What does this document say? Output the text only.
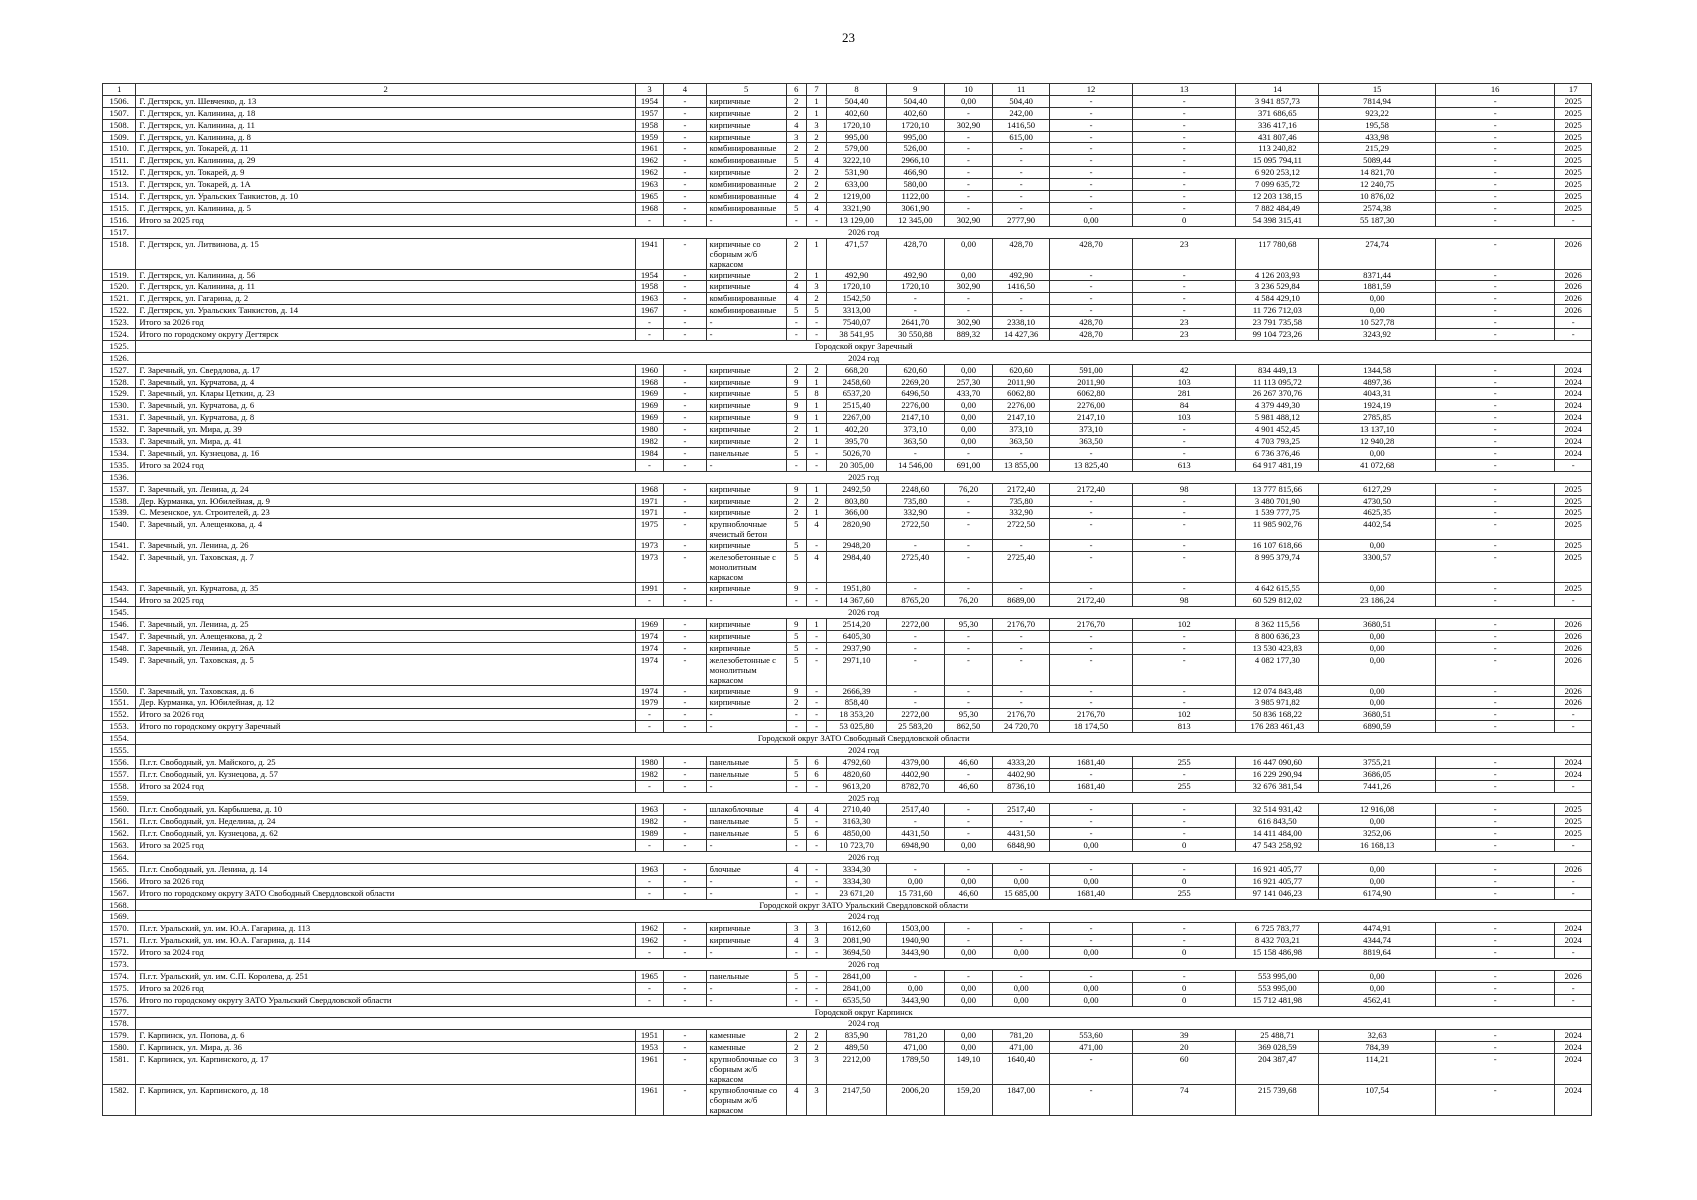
23
1	2	3	4	5	6	7	8	9	10	11	12	13	14	15	16	17
1506.	Г. Дегтярск, ул. Шевченко, д. 13	1954	-	кирпичные	2	1	504,40	504,40	0,00	504,40	-	-	3 941 857,73	7814,94	-	2025
1507.	Г. Дегтярск, ул. Калинина, д. 18	1957	-	кирпичные	2	1	402,60	402,60	-	242,00	-	-	371 686,65	923,22	-	2025
1508.	Г. Дегтярск, ул. Калинина, д. 11	1958	-	кирпичные	4	3	1720,10	1720,10	302,90	1416,50	-	-	336 417,16	195,58	-	2025
1509.	Г. Дегтярск, ул. Калинина, д. 8	1959	-	кирпичные	3	2	995,00	995,00	-	615,00	-	-	431 807,46	433,98	-	2025
1510.	Г. Дегтярск, ул. Токарей, д. 11	1961	-	комбинированные	2	2	579,00	526,00	-	-	-	-	113 240,82	215,29	-	2025
1511.	Г. Дегтярск, ул. Калинина, д. 29	1962	-	комбинированные	5	4	3222,10	2966,10	-	-	-	-	15 095 794,11	5089,44	-	2025
1512.	Г. Дегтярск, ул. Токарей, д. 9	1962	-	кирпичные	2	2	531,90	466,90	-	-	-	-	6 920 253,12	14 821,70	-	2025
1513.	Г. Дегтярск, ул. Токарей, д. 1А	1963	-	комбинированные	2	2	633,00	580,00	-	-	-	-	7 099 635,72	12 240,75	-	2025
1514.	Г. Дегтярск, ул. Уральских Танкистов, д. 10	1965	-	комбинированные	4	2	1219,00	1122,00	-	-	-	-	12 203 138,15	10 876,02	-	2025
1515.	Г. Дегтярск, ул. Калинина, д. 5	1968	-	комбинированные	5	4	3321,90	3061,90	-	-	-	-	7 882 484,49	2574,38	-	2025
1516.	Итого за 2025 год	-	-	-	-	-	13 129,00	12 345,00	302,90	2777,90	0,00	0	54 398 315,41	55 187,30	-	-
1517.	2026 год															
1518.	Г. Дегтярск, ул. Литвинова, д. 15	1941	-	кирпичные со сборным ж/б каркасом	2	1	471,57	428,70	0,00	428,70	428,70	23	117 780,68	274,74	-	2026
1519.	Г. Дегтярск, ул. Калинина, д. 56	1954	-	кирпичные	2	1	492,90	492,90	0,00	492,90	-	-	4 126 203,93	8371,44	-	2026
1520.	Г. Дегтярск, ул. Калинина, д. 11	1958	-	кирпичные	4	3	1720,10	1720,10	302,90	1416,50	-	-	3 236 529,84	1881,59	-	2026
1521.	Г. Дегтярск, ул. Гагарина, д. 2	1963	-	комбинированные	4	2	1542,50	-	-	-	-	-	4 584 429,10	0,00	-	2026
1522.	Г. Дегтярск, ул. Уральских Танкистов, д. 14	1967	-	комбинированные	5	5	3313,00	-	-	-	-	-	11 726 712,03	0,00	-	2026
1523.	Итого за 2026 год	-	-	-	-	-	7540,07	2641,70	302,90	2338,10	428,70	23	23 791 735,58	10 527,78	-	-
1524.	Итого по городскому округу Дегтярск	-	-	-	-	-	38 541,95	30 550,88	889,32	14 427,36	428,70	23	99 104 723,26	3243,92	-	-
1525.	Городской округ Заречный															
1526.	2024 год															
1527.	Г. Заречный, ул. Свердлова, д. 17	1960	-	кирпичные	2	2	668,20	620,60	0,00	620,60	591,00	42	834 449,13	1344,58	-	2024
1528.	Г. Заречный, ул. Курчатова, д. 4	1968	-	кирпичные	9	1	2458,60	2269,20	257,30	2011,90	2011,90	103	11 113 095,72	4897,36	-	2024
1529.	Г. Заречный, ул. Клары Цеткин, д. 23	1969	-	кирпичные	5	8	6537,20	6496,50	433,70	6062,80	6062,80	281	26 267 370,76	4043,31	-	2024
1530.	Г. Заречный, ул. Курчатова, д. 6	1969	-	кирпичные	9	1	2515,40	2276,00	0,00	2276,00	2276,00	84	4 379 449,30	1924,19	-	2024
1531.	Г. Заречный, ул. Курчатова, д. 8	1969	-	кирпичные	9	1	2267,00	2147,10	0,00	2147,10	2147,10	103	5 981 488,12	2785,85	-	2024
1532.	Г. Заречный, ул. Мира, д. 39	1980	-	кирпичные	2	1	402,20	373,10	0,00	373,10	373,10	-	4 901 452,45	13 137,10	-	2024
1533.	Г. Заречный, ул. Мира, д. 41	1982	-	кирпичные	2	1	395,70	363,50	0,00	363,50	363,50	-	4 703 793,25	12 940,28	-	2024
1534.	Г. Заречный, ул. Кузнецова, д. 16	1984	-	панельные	5	-	5026,70	-	-	-	-	-	6 736 376,46	0,00	-	2024
1535.	Итого за 2024 год	-	-	-	-	-	20 305,00	14 546,00	691,00	13 855,00	13 825,40	613	64 917 481,19	41 072,68	-	-
1536.	2025 год															
1537.	Г. Заречный, ул. Ленина, д. 24	1968	-	кирпичные	9	1	2492,50	2248,60	76,20	2172,40	2172,40	98	13 777 815,66	6127,29	-	2025
1538.	Дер. Курманка, ул. Юбилейная, д. 9	1971	-	кирпичные	2	2	803,80	735,80	-	735,80	-	-	3 480 701,90	4730,50	-	2025
1539.	С. Мезенское, ул. Строителей, д. 23	1971	-	кирпичные	2	1	366,00	332,90	-	332,90	-	-	1 539 777,75	4625,35	-	2025
1540.	Г. Заречный, ул. Алещенкова, д. 4	1975	-	крупноблочные ячеистый бетон	5	4	2820,90	2722,50	-	2722,50	-	-	11 985 902,76	4402,54	-	2025
1541.	Г. Заречный, ул. Ленина, д. 26	1973	-	кирпичные	5	-	2948,20	-	-	-	-	-	16 107 618,66	0,00	-	2025
1542.	Г. Заречный, ул. Таховская, д. 7	1973	-	железобетонные с монолитным каркасом	5	4	2984,40	2725,40	-	2725,40	-	-	8 995 379,74	3300,57	-	2025
1543.	Г. Заречный, ул. Курчатова, д. 35	1991	-	кирпичные	9	-	1951,80	-	-	-	-	-	4 642 615,55	0,00	-	2025
1544.	Итого за 2025 год	-	-	-	-	-	14 367,60	8765,20	76,20	8689,00	2172,40	98	60 529 812,02	23 186,24	-	-
1545.	2026 год															
1546.	Г. Заречный, ул. Ленина, д. 25	1969	-	кирпичные	9	1	2514,20	2272,00	95,30	2176,70	2176,70	102	8 362 115,56	3680,51	-	2026
1547.	Г. Заречный, ул. Алещенкова, д. 2	1974	-	кирпичные	5	-	6405,30	-	-	-	-	-	8 800 636,23	0,00	-	2026
1548.	Г. Заречный, ул. Ленина, д. 26А	1974	-	кирпичные	5	-	2937,90	-	-	-	-	-	13 530 423,83	0,00	-	2026
1549.	Г. Заречный, ул. Таховская, д. 5	1974	-	железобетонные с монолитным каркасом	5	-	2971,10	-	-	-	-	-	4 082 177,30	0,00	-	2026
1550.	Г. Заречный, ул. Таховская, д. 6	1974	-	кирпичные	9	-	2666,39	-	-	-	-	-	12 074 843,48	0,00	-	2026
1551.	Дер. Курманка, ул. Юбилейная, д. 12	1979	-	кирпичные	2	-	858,40	-	-	-	-	-	3 985 971,82	0,00	-	2026
1552.	Итого за 2026 год	-	-	-	-	-	18 353,20	2272,00	95,30	2176,70	2176,70	102	50 836 168,22	3680,51	-	-
1553.	Итого по городскому округу Заречный	-	-	-	-	-	53 025,80	25 583,20	862,50	24 720,70	18 174,50	813	176 283 461,43	6890,59	-	-
1554.	Городской округ ЗАТО Свободный Свердловской области															
1555.	2024 год															
1556.	П.г.т. Свободный, ул. Майского, д. 25	1980	-	панельные	5	6	4792,60	4379,00	46,60	4333,20	1681,40	255	16 447 090,60	3755,21	-	2024
1557.	П.г.т. Свободный, ул. Кузнецова, д. 57	1982	-	панельные	5	6	4820,60	4402,90	-	4402,90	-	-	16 229 290,94	3686,05	-	2024
1558.	Итого за 2024 год	-	-	-	-	-	9613,20	8782,70	46,60	8736,10	1681,40	255	32 676 381,54	7441,26	-	-
1559.	2025 год															
1560.	П.г.т. Свободный, ул. Карбышева, д. 10	1963	-	шлакоблочные	4	4	2710,40	2517,40	-	2517,40	-	-	32 514 931,42	12 916,08	-	2025
1561.	П.г.т. Свободный, ул. Неделина, д. 24	1982	-	панельные	5	-	3163,30	-	-	-	-	-	616 843,50	0,00	-	2025
1562.	П.г.т. Свободный, ул. Кузнецова, д. 62	1989	-	панельные	5	6	4850,00	4431,50	-	4431,50	-	-	14 411 484,00	3252,06	-	2025
1563.	Итого за 2025 год	-	-	-	-	-	10 723,70	6948,90	0,00	6848,90	0,00	0	47 543 258,92	16 168,13	-	-
1564.	2026 год															
1565.	П.г.т. Свободный, ул. Ленина, д. 14	1963	-	блочные	4	-	3334,30	-	-	-	-	-	16 921 405,77	0,00	-	2026
1566.	Итого за 2026 год	-	-	-	-	-	3334,30	0,00	0,00	0,00	0,00	0	16 921 405,77	0,00	-	-
1567.	Итого по городскому округу ЗАТО Свободный Свердловской области	-	-	-	-	-	23 671,20	15 731,60	46,60	15 685,00	1681,40	255	97 141 046,23	6174,90	-	-
1568.	Городской округ ЗАТО Уральский Свердловской области															
1569.	2024 год															
1570.	П.г.т. Уральский, ул. им. Ю.А. Гагарина, д. 113	1962	-	кирпичные	3	3	1612,60	1503,00	-	-	-	-	6 725 783,77	4474,91	-	2024
1571.	П.г.т. Уральский, ул. им. Ю.А. Гагарина, д. 114	1962	-	кирпичные	4	3	2081,90	1940,90	-	-	-	-	8 432 703,21	4344,74	-	2024
1572.	Итого за 2024 год	-	-	-	-	-	3694,50	3443,90	0,00	0,00	0,00	0	15 158 486,98	8819,64	-	-
1573.	2026 год															
1574.	П.г.т. Уральский, ул. им. С.П. Королева, д. 251	1965	-	панельные	5	-	2841,00	-	-	-	-	-	553 995,00	0,00	-	2026
1575.	Итого за 2026 год	-	-	-	-	-	2841,00	0,00	0,00	0,00	0,00	0	553 995,00	0,00	-	-
1576.	Итого по городскому округу ЗАТО Уральский Свердловской области	-	-	-	-	-	6535,50	3443,90	0,00	0,00	0,00	0	15 712 481,98	4562,41	-	-
1577.	Городской округ Карпинск															
1578.	2024 год															
1579.	Г. Карпинск, ул. Попова, д. 6	1951	-	каменные	2	2	835,90	781,20	0,00	781,20	553,60	39	25 488,71	32,63	-	2024
1580.	Г. Карпинск, ул. Мира, д. 36	1953	-	каменные	2	2	489,50	471,00	0,00	471,00	471,00	20	369 028,59	784,39	-	2024
1581.	Г. Карпинск, ул. Карпинского, д. 17	1961	-	крупноблочные со сборным ж/б каркасом	3	3	2212,00	1789,50	149,10	1640,40	-	60	204 387,47	114,21	-	2024
1582.	Г. Карпинск, ул. Карпинского, д. 18	1961	-	крупноблочные со сборным ж/б каркасом	4	3	2147,50	2006,20	159,20	1847,00	-	74	215 739,68	107,54	-	2024
